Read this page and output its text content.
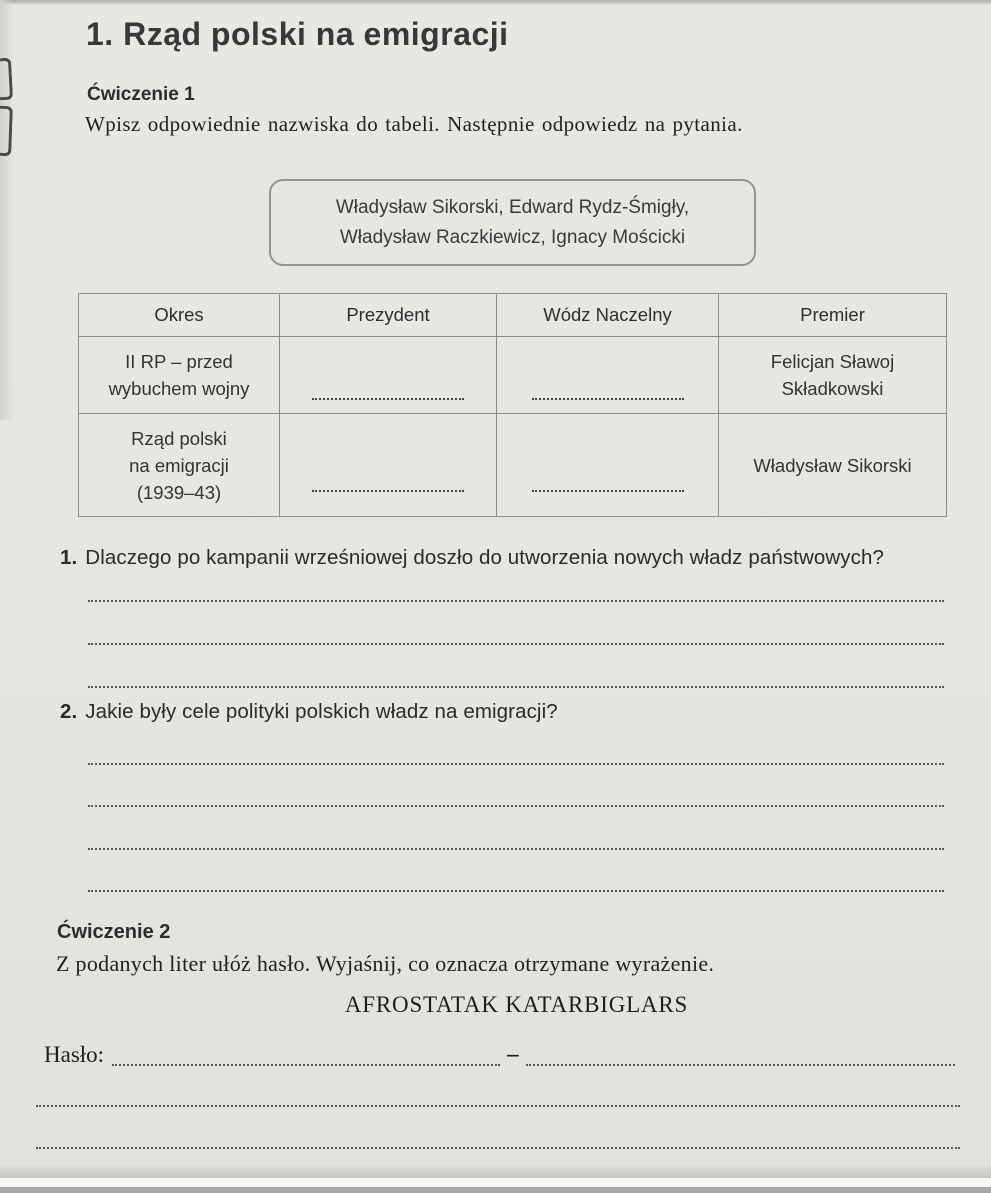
1. Rząd polski na emigracji
Ćwiczenie 1
Wpisz odpowiednie nazwiska do tabeli. Następnie odpowiedz na pytania.
Władysław Sikorski, Edward Rydz-Śmigły,
Władysław Raczkiewicz, Ignacy Mościcki
Okres	Prezydent	Wódz Naczelny	Premier

II RP – przed
wybuchem wojny			Felicjan Sławoj
Składkowski

Rząd polski
na emigracji
(1939–43)			Władysław Sikorski
1. Dlaczego po kampanii wrześniowej doszło do utworzenia nowych władz państwowych?
2. Jakie były cele polityki polskich władz na emigracji?
Ćwiczenie 2
Z podanych liter ułóż hasło. Wyjaśnij, co oznacza otrzymane wyrażenie.
AFROSTATAK KATARBIGLARS
Hasło:	–
